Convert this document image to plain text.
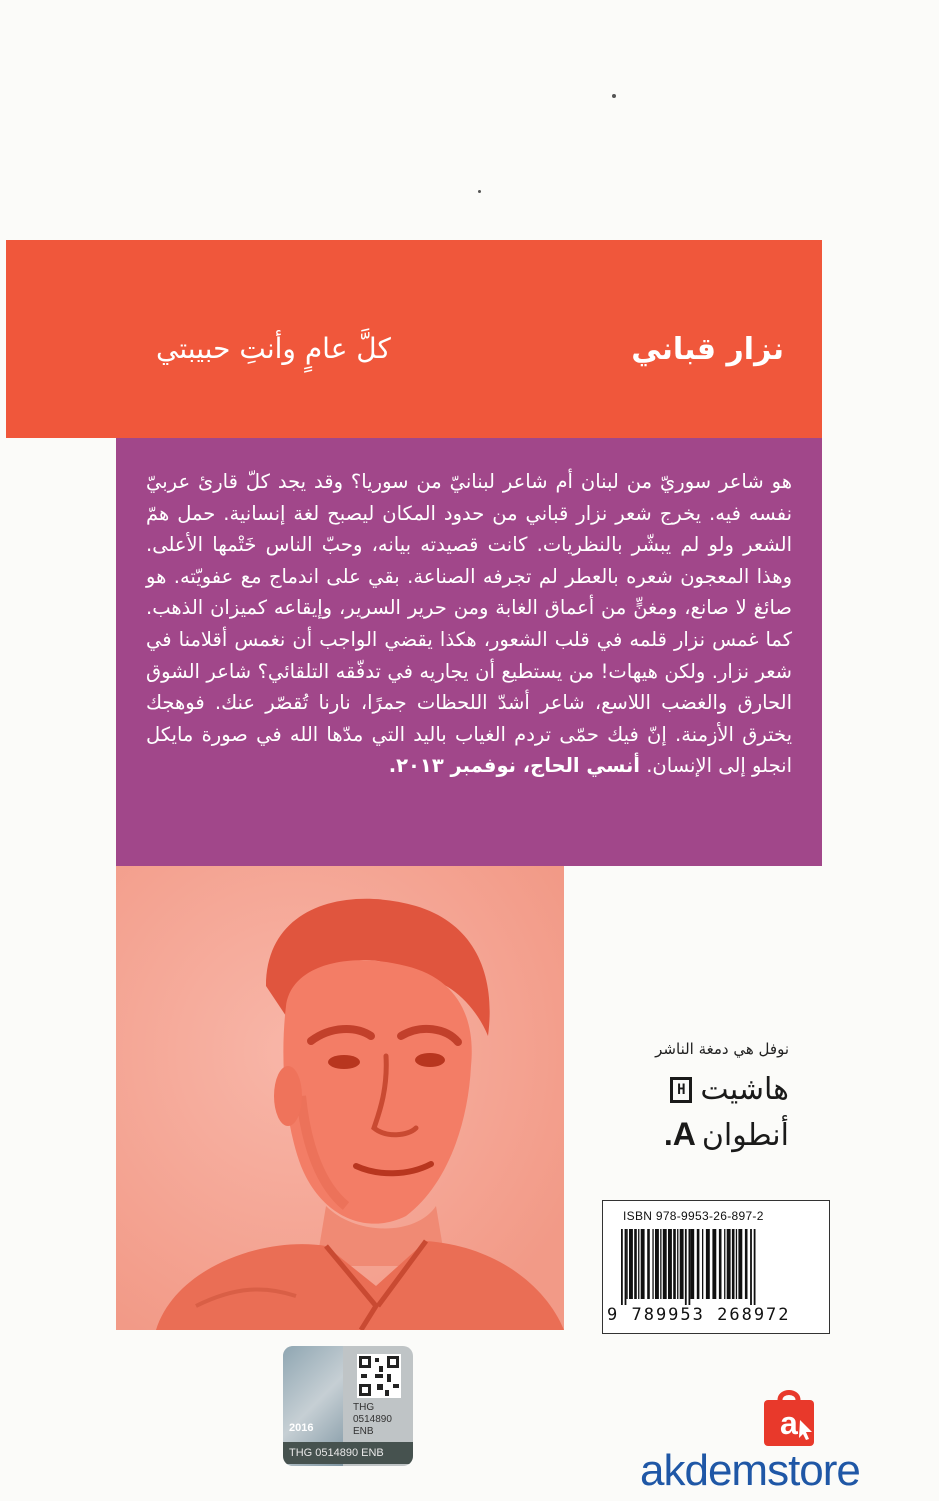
نزار قباني
كلَّ عامٍ وأنتِ حبيبتي
هو شاعر سوريّ من لبنان أم شاعر لبنانيّ من سوريا؟ وقد يجد كلّ قارئ عربيّ نفسه فيه. يخرج شعر نزار قباني من حدود المكان ليصبح لغة إنسانية. حمل همّ الشعر ولو لم يبشّر بالنظريات. كانت قصيدته بيانه، وحبّ الناس خَتْمها الأعلى. وهذا المعجون شعره بالعطر لم تجرفه الصناعة. بقي على اندماج مع عفويّته. هو صائغ لا صانع، ومغنٍّ من أعماق الغابة ومن حرير السرير، وإيقاعه كميزان الذهب. كما غمس نزار قلمه في قلب الشعور، هكذا يقضي الواجب أن نغمس أقلامنا في شعر نزار. ولكن هيهات! من يستطيع أن يجاريه في تدفّقه التلقائي؟ شاعر الشوق الحارق والغضب اللاسع، شاعر أشدّ اللحظات جمرًا، نارنا تُقصّر عنك. فوهجك يخترق الأزمنة. إنّ فيك حمّى تردم الغياب باليد التي مدّها الله في صورة مايكل انجلو إلى الإنسان. أنسي الحاج، نوفمبر ٢٠١٣.
نوفل هي دمغة الناشر
هاشيت
H
أنطوان
A.
ISBN 978-9953-26-897-2
9 789953 268972
2016
THG
0514890
ENB
THG 0514890 ENB
a
akdemstore
